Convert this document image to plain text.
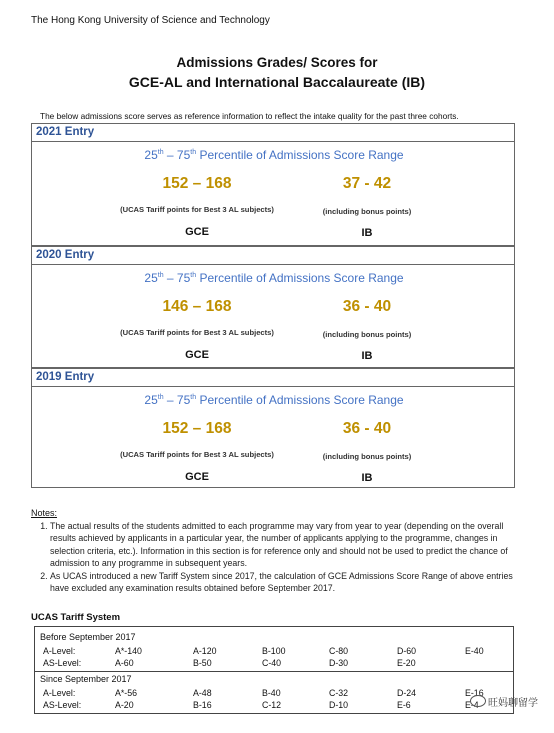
The Hong Kong University of Science and Technology
Admissions Grades/ Scores for
GCE-AL and International Baccalaureate (IB)
The below admissions score serves as reference information to reflect the intake quality for the past three cohorts.
2021 Entry
25th – 75th Percentile of Admissions Score Range
152 – 168	37 - 42
(UCAS Tariff points for Best 3 AL subjects)	(including bonus points)
GCE	IB
2020 Entry
25th – 75th Percentile of Admissions Score Range
146 – 168	36 - 40
(UCAS Tariff points for Best 3 AL subjects)	(including bonus points)
GCE	IB
2019 Entry
25th – 75th Percentile of Admissions Score Range
152 – 168	36 - 40
(UCAS Tariff points for Best 3 AL subjects)	(including bonus points)
GCE	IB
Notes:
1. The actual results of the students admitted to each programme may vary from year to year (depending on the overall results achieved by applicants in a particular year, the number of applicants applying to the programme, changes in selection criteria, etc.). Information in this section is for reference only and should not be used to predict the chance of admission to any programme in subsequent years.
2. As UCAS introduced a new Tariff System since 2017, the calculation of GCE Admissions Score Range of above entries have excluded any examination results obtained before September 2017.
UCAS Tariff System
Before September 2017
A-Level:	A*-140	A-120	B-100	C-80	D-60	E-40
AS-Level:	A-60	B-50	C-40	D-30	E-20
Since September 2017
A-Level:	A*-56	A-48	B-40	C-32	D-24	E-16
AS-Level:	A-20	B-16	C-12	D-10	E-6	E-4 旺妈聊留学
